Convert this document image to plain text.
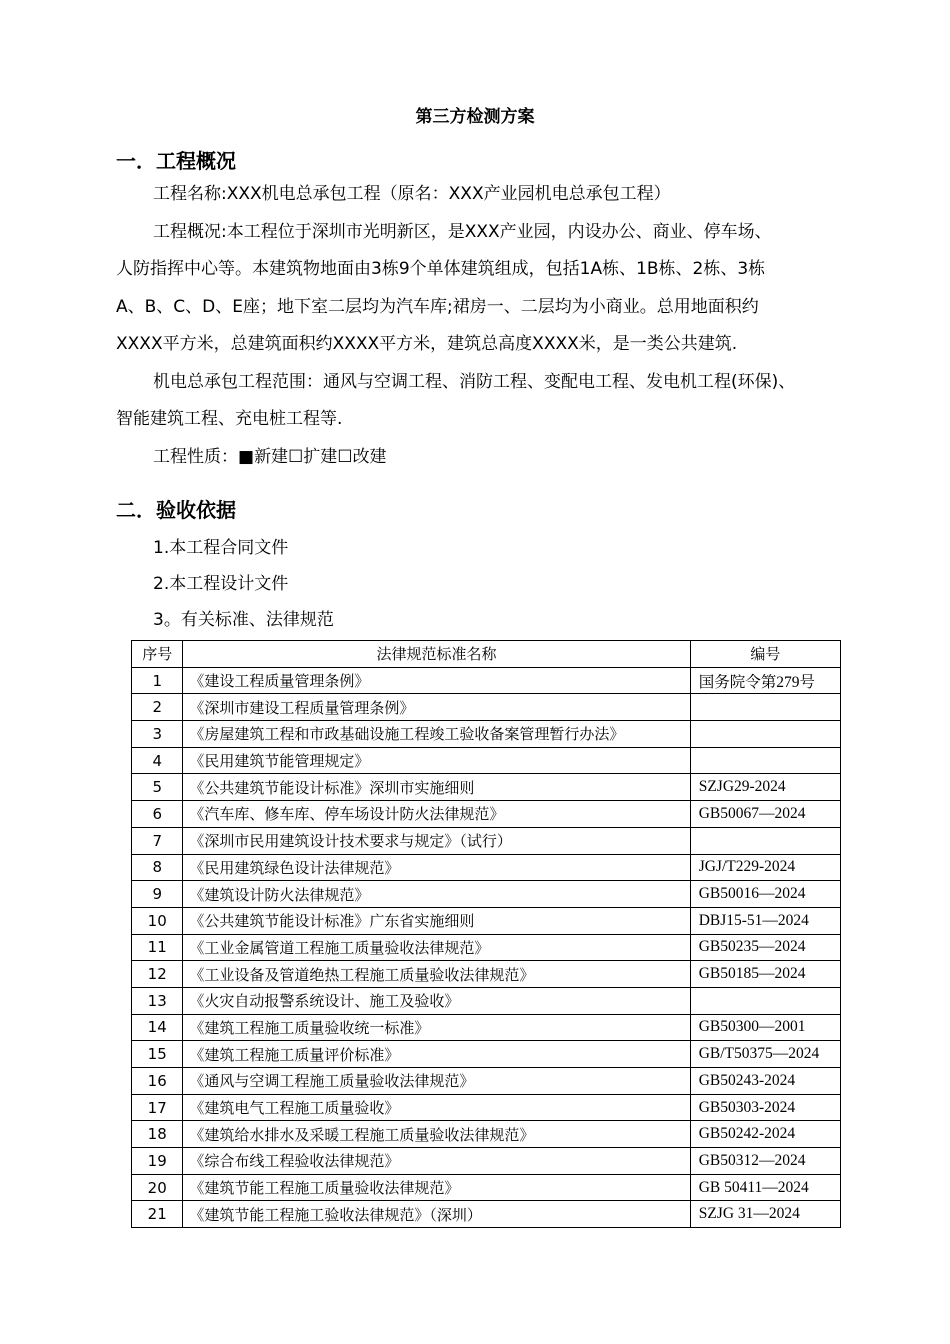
第三方检测方案
一．工程概况
工程名称:XXX机电总承包工程（原名：XXX产业园机电总承包工程）
工程概况:本工程位于深圳市光明新区，是XXX产业园，内设办公、商业、停车场、
人防指挥中心等。本建筑物地面由3栋9个单体建筑组成，包括1A栋、1B栋、2栋、3栋
A、B、C、D、E座；地下室二层均为汽车库;裙房一、二层均为小商业。总用地面积约
XXXX平方米，总建筑面积约XXXX平方米，建筑总高度XXXX米，是一类公共建筑.
机电总承包工程范围：通风与空调工程、消防工程、变配电工程、发电机工程(环保)、
智能建筑工程、充电桩工程等.
工程性质：■新建☐扩建☐改建
二．验收依据
1.本工程合同文件
2.本工程设计文件
3。有关标准、法律规范
序号	法律规范标准名称	编号
1	《建设工程质量管理条例》	国务院令第279号
2	《深圳市建设工程质量管理条例》	
3	《房屋建筑工程和市政基础设施工程竣工验收备案管理暂行办法》	
4	《民用建筑节能管理规定》	
5	《公共建筑节能设计标准》深圳市实施细则	SZJG29-2024
6	《汽车库、修车库、停车场设计防火法律规范》	GB50067—2024
7	《深圳市民用建筑设计技术要求与规定》（试行）	
8	《民用建筑绿色设计法律规范》	JGJ/T229-2024
9	《建筑设计防火法律规范》	GB50016—2024
10	《公共建筑节能设计标准》广东省实施细则	DBJ15-51—2024
11	《工业金属管道工程施工质量验收法律规范》	GB50235—2024
12	《工业设备及管道绝热工程施工质量验收法律规范》	GB50185—2024
13	《火灾自动报警系统设计、施工及验收》	
14	《建筑工程施工质量验收统一标准》	GB50300—2001
15	《建筑工程施工质量评价标准》	GB/T50375—2024
16	《通风与空调工程施工质量验收法律规范》	GB50243-2024
17	《建筑电气工程施工质量验收》	GB50303-2024
18	《建筑给水排水及采暖工程施工质量验收法律规范》	GB50242-2024
19	《综合布线工程验收法律规范》	GB50312—2024
20	《建筑节能工程施工质量验收法律规范》	GB 50411—2024
21	《建筑节能工程施工验收法律规范》（深圳）	SZJG 31—2024
